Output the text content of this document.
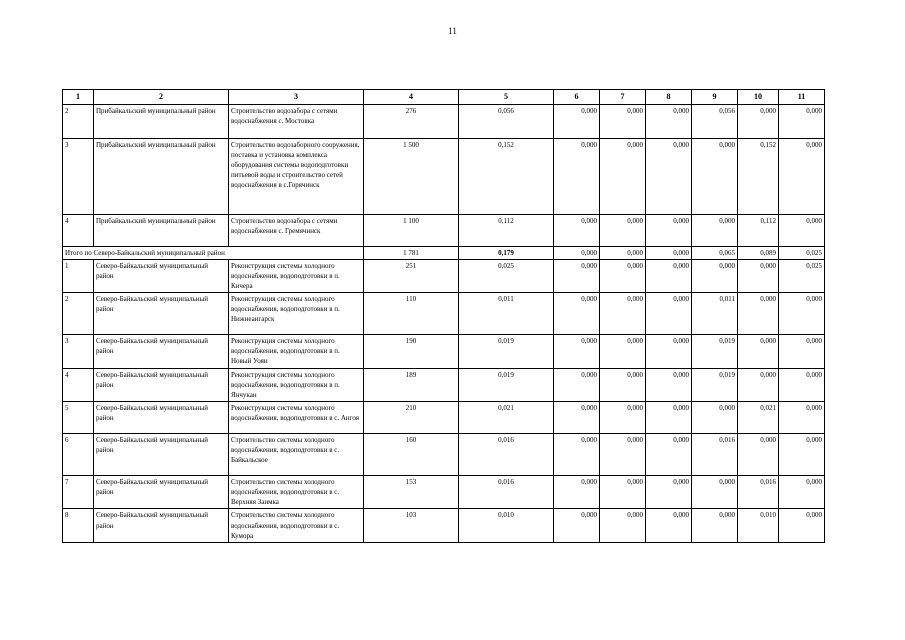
11
1	2	3	4	5	6	7	8	9	10	11
2	Прибайкальский муниципальный район	Строительство водозабора с сетями водоснабжения с. Мостовка	276	0,056	0,000	0,000	0,000	0,056	0,000	0,000
3	Прибайкальский муниципальный район	Строительство водозаборного сооружения, поставка и установка комплекса оборудования системы водоподготовки питьевой воды и строительство сетей водоснабжения в с.Горячинск	1 500	0,152	0,000	0,000	0,000	0,000	0,152	0,000
4	Прибайкальский муниципальный район	Строительство водозабора с сетями водоснабжения с. Гремячинск	1 100	0,112	0,000	0,000	0,000	0,000	0,112	0,000
Итого по Северо-Байкальский муниципальный район			1 781	0,179	0,000	0,000	0,000	0,065	0,089	0,025
1	Северо-Байкальский муниципальный район	Реконструкция системы холодного водоснабжения, водоподготовки в п. Кичера	251	0,025	0,000	0,000	0,000	0,000	0,000	0,025
2	Северо-Байкальский муниципальный район	Реконструкция системы холодного водоснабжения, водоподготовки в п. Нижнеангарск	110	0,011	0,000	0,000	0,000	0,011	0,000	0,000
3	Северо-Байкальский муниципальный район	Реконструкция системы холодного водоснабжения, водоподготовки в п. Новый Уоян	190	0,019	0,000	0,000	0,000	0,019	0,000	0,000
4	Северо-Байкальский муниципальный район	Реконструкция системы холодного водоснабжения, водоподготовки в п. Янчукан	189	0,019	0,000	0,000	0,000	0,019	0,000	0,000
5	Северо-Байкальский муниципальный район	Реконструкция системы холодного водоснабжения, водоподготовки в с. Ангоя	210	0,021	0,000	0,000	0,000	0,000	0,021	0,000
6	Северо-Байкальский муниципальный район	Строительство системы холодного водоснабжения, водоподготовки в с. Байкальское	160	0,016	0,000	0,000	0,000	0,016	0,000	0,000
7	Северо-Байкальский муниципальный район	Строительство системы холодного водоснабжения, водоподготовки в с. Верхняя Заимка	153	0,016	0,000	0,000	0,000	0,000	0,016	0,000
8	Северо-Байкальский муниципальный район	Строительство системы холодного водоснабжения, водоподготовки в с. Кумора	103	0,010	0,000	0,000	0,000	0,000	0,010	0,000
